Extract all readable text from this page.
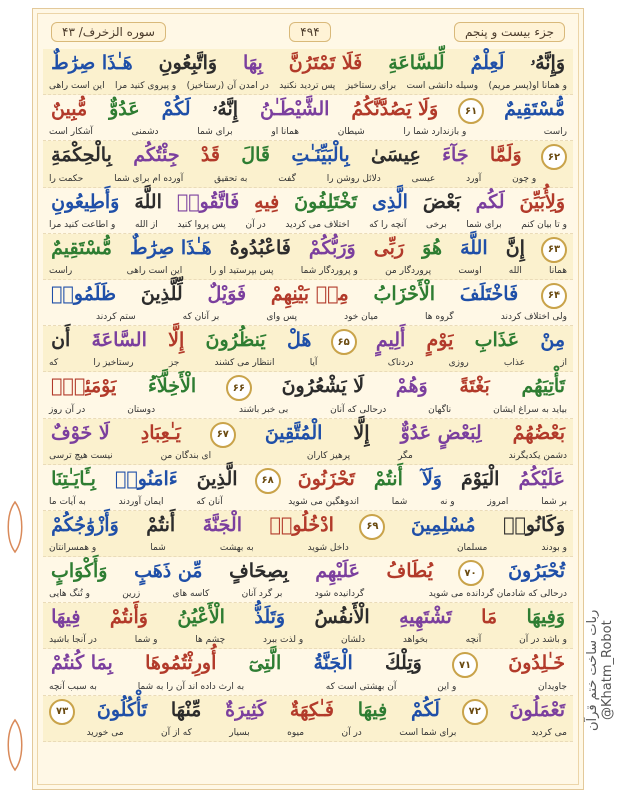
جزء بیست و پنجم
۴۹۴
سوره الزخرف/ ۴۳
وَإِنَّهُۥ
لَعِلْمٌ
لِّلسَّاعَةِ
فَلَا تَمْتَرُنَّ
بِهَا
وَاتَّبِعُونِ
هَـٰذَا صِرَٰطٌ
و همانا او(پسر مریم)
وسیله دانشی است
برای رستاخیز
پس تردید نکنید
در امدن آن (رستاخیز)
و پیروی کنید مرا
این است راهی
مُّسْتَقِيمٌ
۶۱
وَلَا يَصُدَّنَّكُمُ
الشَّيْطَـٰنُ
إِنَّهُۥ
لَكُمْ
عَدُوٌّ
مُّبِينٌ
راست
و بازندارد شما را
شیطان
همانا او
برای شما
دشمنی
آشکار است
۶۲
وَلَمَّا
جَآءَ
عِيسَىٰ
بِالْبَيِّنَـٰتِ
قَالَ
قَدْ
جِئْتُكُم
بِالْحِكْمَةِ
و چون
آورد
عیسی
دلائل روشن را
گفت
به تحقیق
آورده ام برای شما
حکمت را
وَلِأُبَيِّنَ
لَكُم
بَعْضَ
الَّذِى
تَخْتَلِفُونَ
فِيهِ
فَاتَّقُوا۟
اللَّهَ
وَأَطِيعُونِ
و تا بیان کنم
برای شما
برخی
آنچه را که
اختلاف می کردید
در آن
پس پروا کنید
از الله
و اطاعت کنید مرا
۶۳
إِنَّ
اللَّهَ
هُوَ
رَبِّى
وَرَبُّكُمْ
فَاعْبُدُوهُ
هَـٰذَا صِرَٰطٌ
مُّسْتَقِيمٌ
همانا
الله
اوست
پروردگار من
و پروردگار شما
پس بپرستید او را
این است راهی
راست
۶۴
فَاخْتَلَفَ
الْأَحْزَابُ
مِنۢ بَيْنِهِمْ
فَوَيْلٌ
لِّلَّذِينَ
ظَلَمُوا۟
ولی اختلاف کردند
گروه ها
میان خود
پس وای
بر آنان که
ستم کردند
مِنْ
عَذَابِ
يَوْمٍ
أَلِيمٍ
۶۵
هَلْ
يَنظُرُونَ
إِلَّا
السَّاعَةَ
أَن
از
عذاب
روزی
دردناک
آیا
انتظار می کشند
جز
رستاخیز را
که
تَأْتِيَهُم
بَغْتَةً
وَهُمْ
لَا يَشْعُرُونَ
۶۶
الْأَخِلَّآءُ
يَوْمَئِذٍۭ
بیاید به سراغ ایشان
ناگهان
درحالی که آنان
بی خبر باشند
دوستان
در آن روز
بَعْضُهُمْ
لِبَعْضٍ عَدُوٌّ
إِلَّا
الْمُتَّقِينَ
۶۷
يَـٰعِبَادِ
لَا خَوْفٌ
دشمن یکدیگرند
مگر
پرهیز کاران
ای بندگان من
نیست هیچ ترسی
عَلَيْكُمُ
الْيَوْمَ
وَلَآ
أَنتُمْ
تَحْزَنُونَ
۶۸
الَّذِينَ
ءَامَنُوا۟
بِـَٔايَـٰتِنَا
بر شما
امروز
و نه
شما
اندوهگین می شوید
آنان که
ایمان آوردند
به آیات ما
وَكَانُوا۟
مُسْلِمِينَ
۶۹
ادْخُلُوا۟
الْجَنَّةَ
أَنتُمْ
وَأَزْوَٰجُكُمْ
و بودند
مسلمان
داخل شوید
به بهشت
شما
و همسرانتان
تُحْبَرُونَ
۷۰
يُطَافُ
عَلَيْهِم
بِصِحَافٍ
مِّن ذَهَبٍ
وَأَكْوَابٍ
درحالی که شادمان گردانده می شوید
گردانیده شود
بر گرد آنان
کاسه های
زرین
و تُنگ هایی
وَفِيهَا
مَا
تَشْتَهِيهِ
الْأَنفُسُ
وَتَلَذُّ
الْأَعْيُنُ
وَأَنتُمْ
فِيهَا
و باشد در آن
آنچه
بخواهد
دلشان
و لذت ببرد
چشم ها
و شما
در آنجا باشید
خَـٰلِدُونَ
۷۱
وَتِلْكَ
الْجَنَّةُ
الَّتِىٓ
أُورِثْتُمُوهَا
بِمَا كُنتُمْ
جاویدان
و این
آن بهشتی است که
به ارث داده اند آن را به شما
به سبب آنچه
تَعْمَلُونَ
۷۲
لَكُمْ
فِيهَا
فَـٰكِهَةٌ
كَثِيرَةٌ
مِّنْهَا
تَأْكُلُونَ
۷۳
می کردید
برای شما است
در آن
میوه
بسیار
که از آن
می خورید
ربات ساخت ختم قرآن @Khatm_Robot
